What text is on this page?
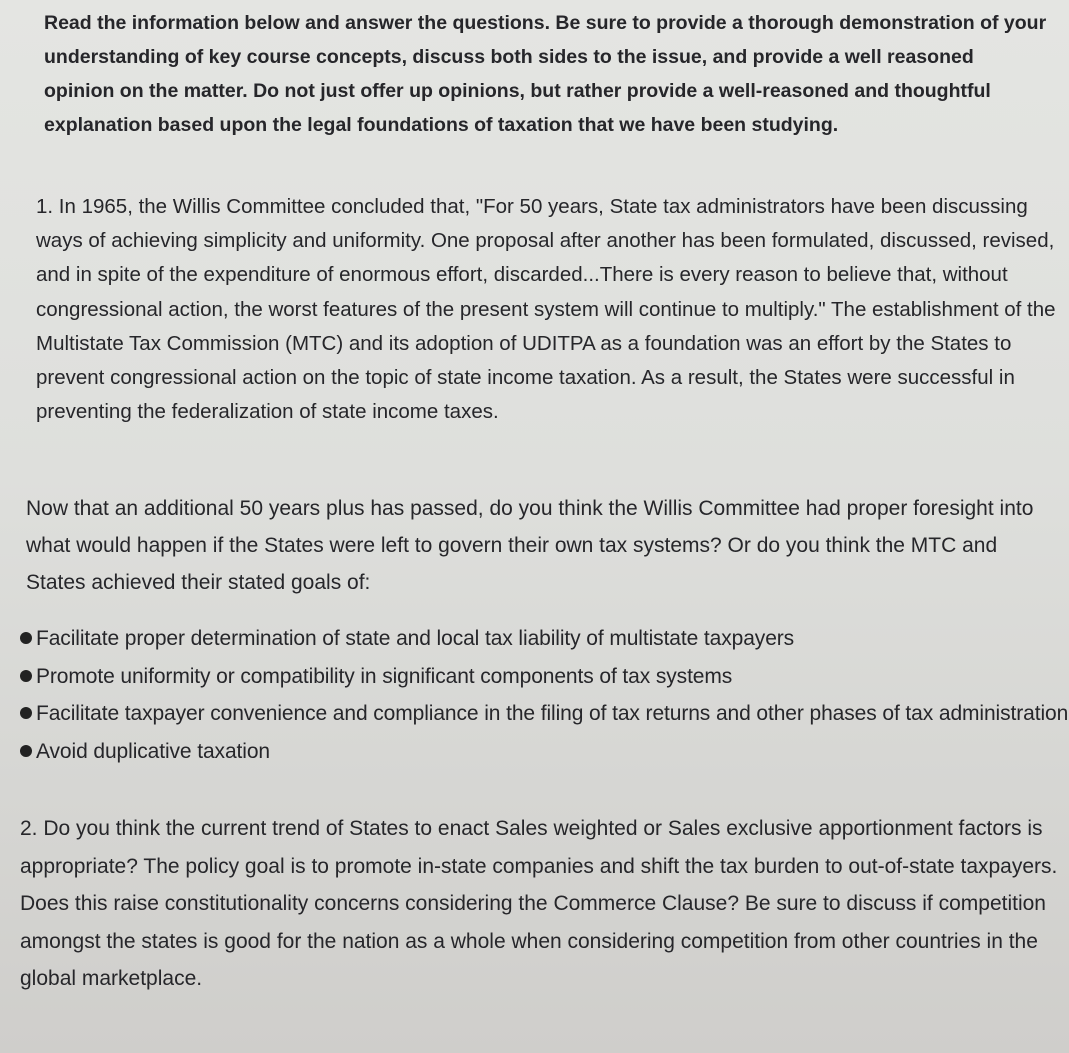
Read the information below and answer the questions. Be sure to provide a thorough demonstration of your understanding of key course concepts, discuss both sides to the issue, and provide a well reasoned opinion on the matter. Do not just offer up opinions, but rather provide a well-reasoned and thoughtful explanation based upon the legal foundations of taxation that we have been studying.

1. In 1965, the Willis Committee concluded that, "For 50 years, State tax administrators have been discussing ways of achieving simplicity and uniformity. One proposal after another has been formulated, discussed, revised, and in spite of the expenditure of enormous effort, discarded...There is every reason to believe that, without congressional action, the worst features of the present system will continue to multiply." The establishment of the Multistate Tax Commission (MTC) and its adoption of UDITPA as a foundation was an effort by the States to prevent congressional action on the topic of state income taxation. As a result, the States were successful in preventing the federalization of state income taxes.

Now that an additional 50 years plus has passed, do you think the Willis Committee had proper foresight into what would happen if the States were left to govern their own tax systems? Or do you think the MTC and States achieved their stated goals of:

Facilitate proper determination of state and local tax liability of multistate taxpayers
Promote uniformity or compatibility in significant components of tax systems
Facilitate taxpayer convenience and compliance in the filing of tax returns and other phases of tax administration
Avoid duplicative taxation

2. Do you think the current trend of States to enact Sales weighted or Sales exclusive apportionment factors is appropriate? The policy goal is to promote in-state companies and shift the tax burden to out-of-state taxpayers. Does this raise constitutionality concerns considering the Commerce Clause? Be sure to discuss if competition amongst the states is good for the nation as a whole when considering competition from other countries in the global marketplace.
